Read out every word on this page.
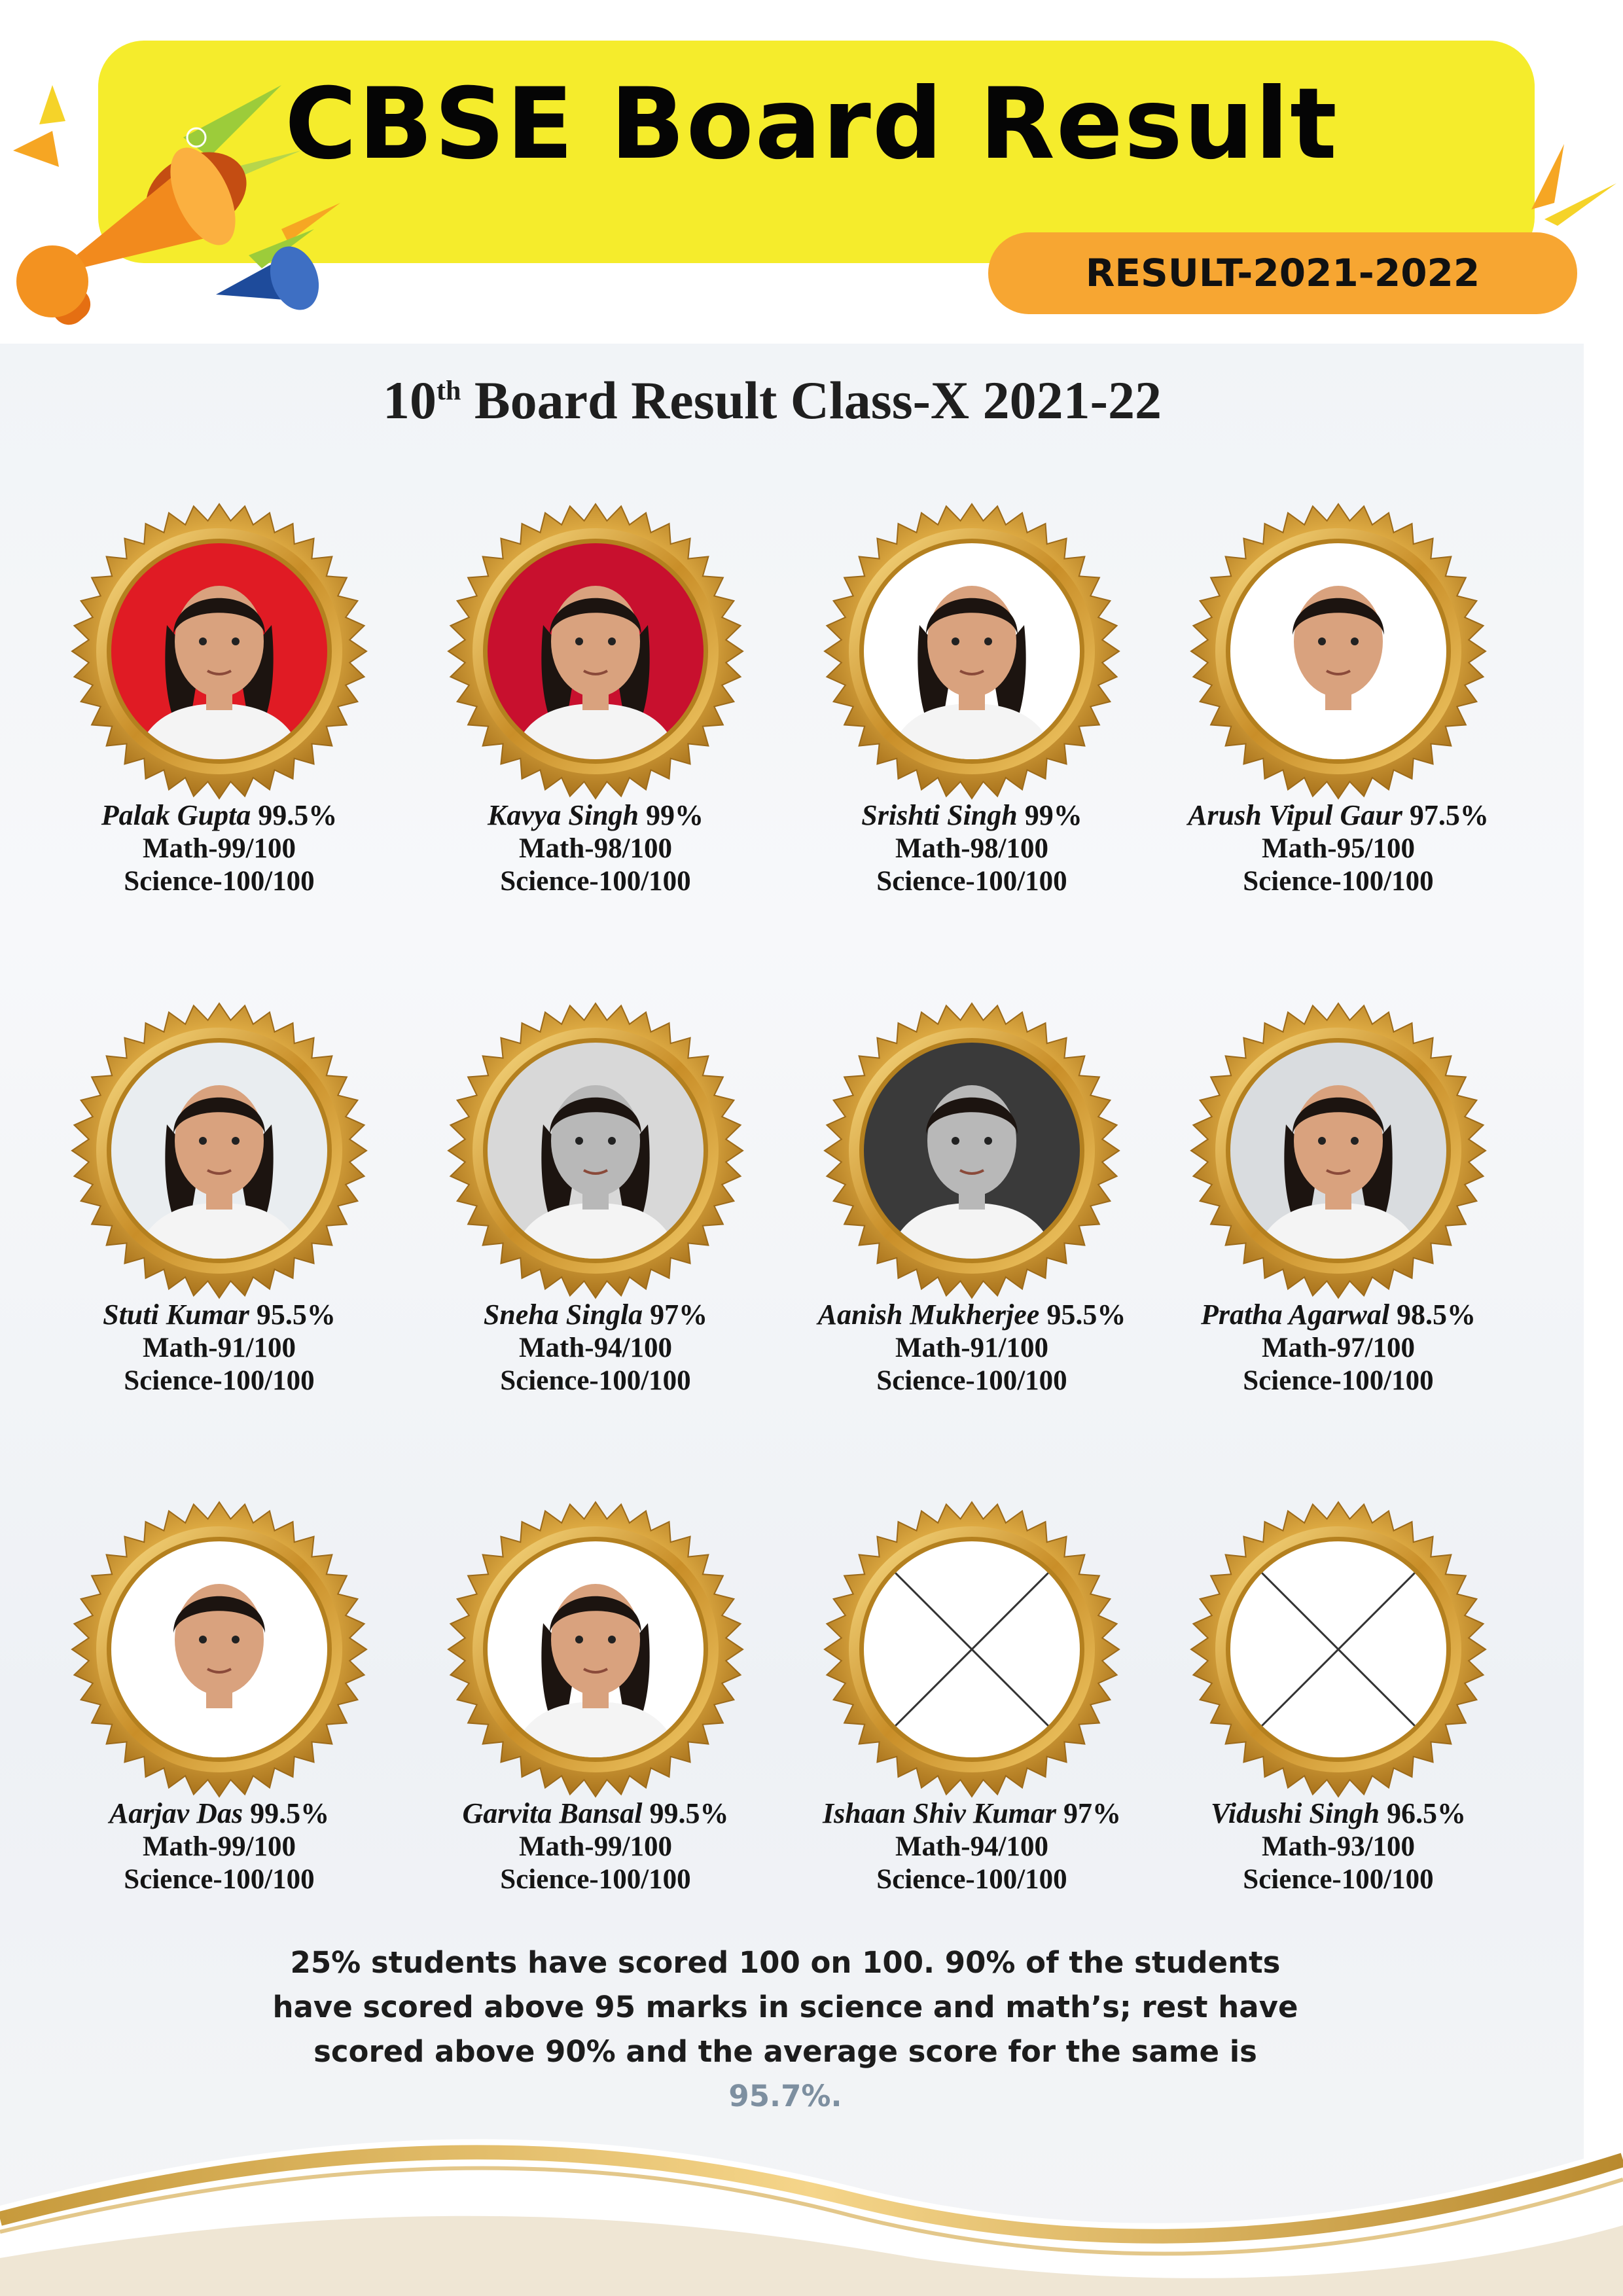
CBSE Board Result
RESULT-2021-2022
10th Board Result Class-X 2021-22
Palak Gupta 99.5%
Math-99/100
Science-100/100
Kavya Singh 99%
Math-98/100
Science-100/100
Srishti Singh 99%
Math-98/100
Science-100/100
Arush Vipul Gaur 97.5%
Math-95/100
Science-100/100
Stuti Kumar 95.5%
Math-91/100
Science-100/100
Sneha Singla 97%
Math-94/100
Science-100/100
Aanish Mukherjee 95.5%
Math-91/100
Science-100/100
Pratha Agarwal 98.5%
Math-97/100
Science-100/100
Aarjav Das 99.5%
Math-99/100
Science-100/100
Garvita Bansal 99.5%
Math-99/100
Science-100/100
Ishaan Shiv Kumar 97%
Math-94/100
Science-100/100
Vidushi Singh 96.5%
Math-93/100
Science-100/100
25% students have scored 100 on 100. 90% of the students have scored above 95 marks in science and math’s; rest have scored above 90% and the average score for the same is 95.7%.
